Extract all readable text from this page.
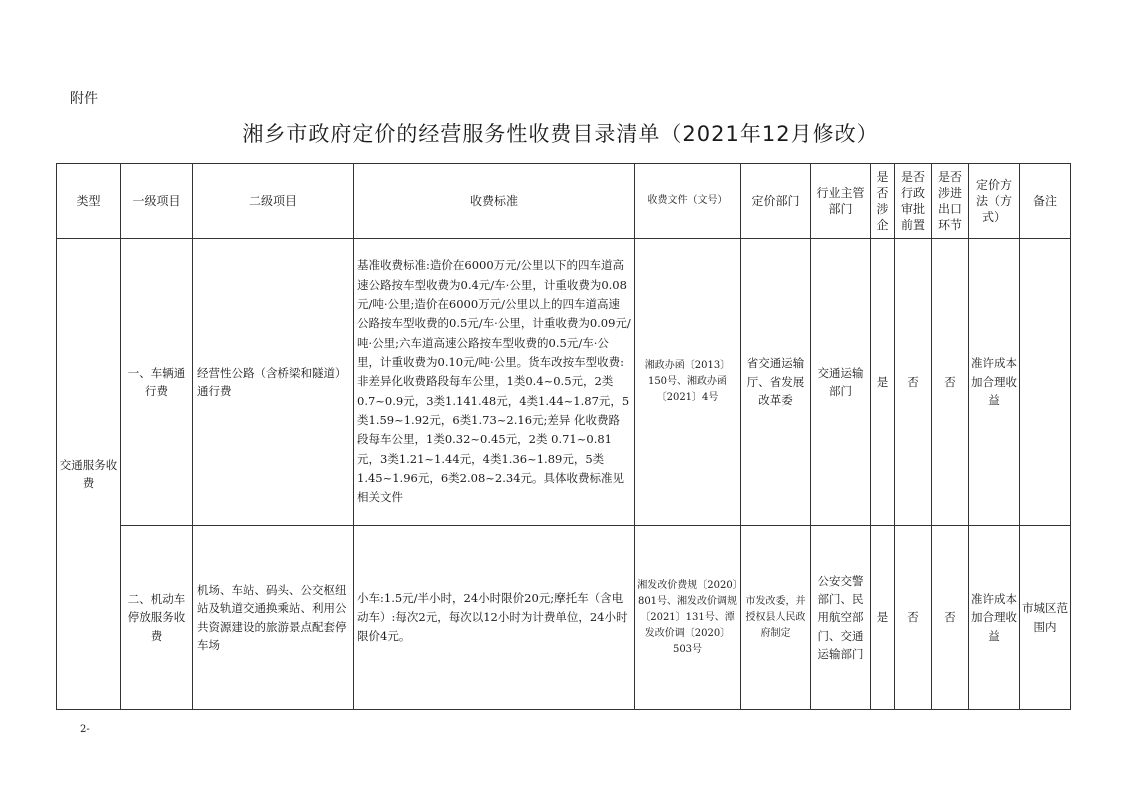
附件
湘乡市政府定价的经营服务性收费目录清单（2021年12月修改）
类型	一级项目	二级项目	收费标准	收费文件（文号）	定价部门	行业主管部门	是否涉企	是否行政审批前置	是否涉进出口环节	定价方法（方式）	备注
交通服务收费	一、车辆通行费	经营性公路（含桥梁和隧道）通行费	基准收费标准:造价在6000万元/公里以下的四车道高速公路按车型收费为0.4元/车·公里，计重收费为0.08元/吨·公里;造价在6000万元/公里以上的四车道高速公路按车型收费的0.5元/车·公里，计重收费为0.09元/吨·公里;六车道高速公路按车型收费的0.5元/车·公里，计重收费为0.10元/吨·公里。货车改按车型收费:非差异化收费路段每车公里，1类0.4~0.5元，2类0.7~0.9元，3类1.141.48元，4类1.44~1.87元，5类1.59~1.92元，6类1.73~2.16元;差异 化收费路段每车公里，1类0.32~0.45元，2类 0.71~0.81元，3类1.21~1.44元，4类1.36~1.89元，5类1.45~1.96元，6类2.08~2.34元。具体收费标准见相关文件	湘政办函〔2013〕150号、湘政办函〔2021〕4号	省交通运输厅、省发展改革委	交通运输部门	是	否	否	准许成本加合理收益	
	二、机动车停放服务收费	机场、车站、码头、公交枢纽站及轨道交通换乘站、利用公共资源建设的旅游景点配套停车场	小车:1.5元/半小时，24小时限价20元;摩托车（含电动车）:每次2元，每次以12小时为计费单位，24小时限价4元。	湘发改价费规〔2020〕801号、湘发改价调规〔2021〕131号、潭发改价调〔2020〕503号	市发改委，并授权县人民政府制定	公安交警部门、民用航空部门、交通运输部门	是	否	否	准许成本加合理收益	市城区范围内
2-
